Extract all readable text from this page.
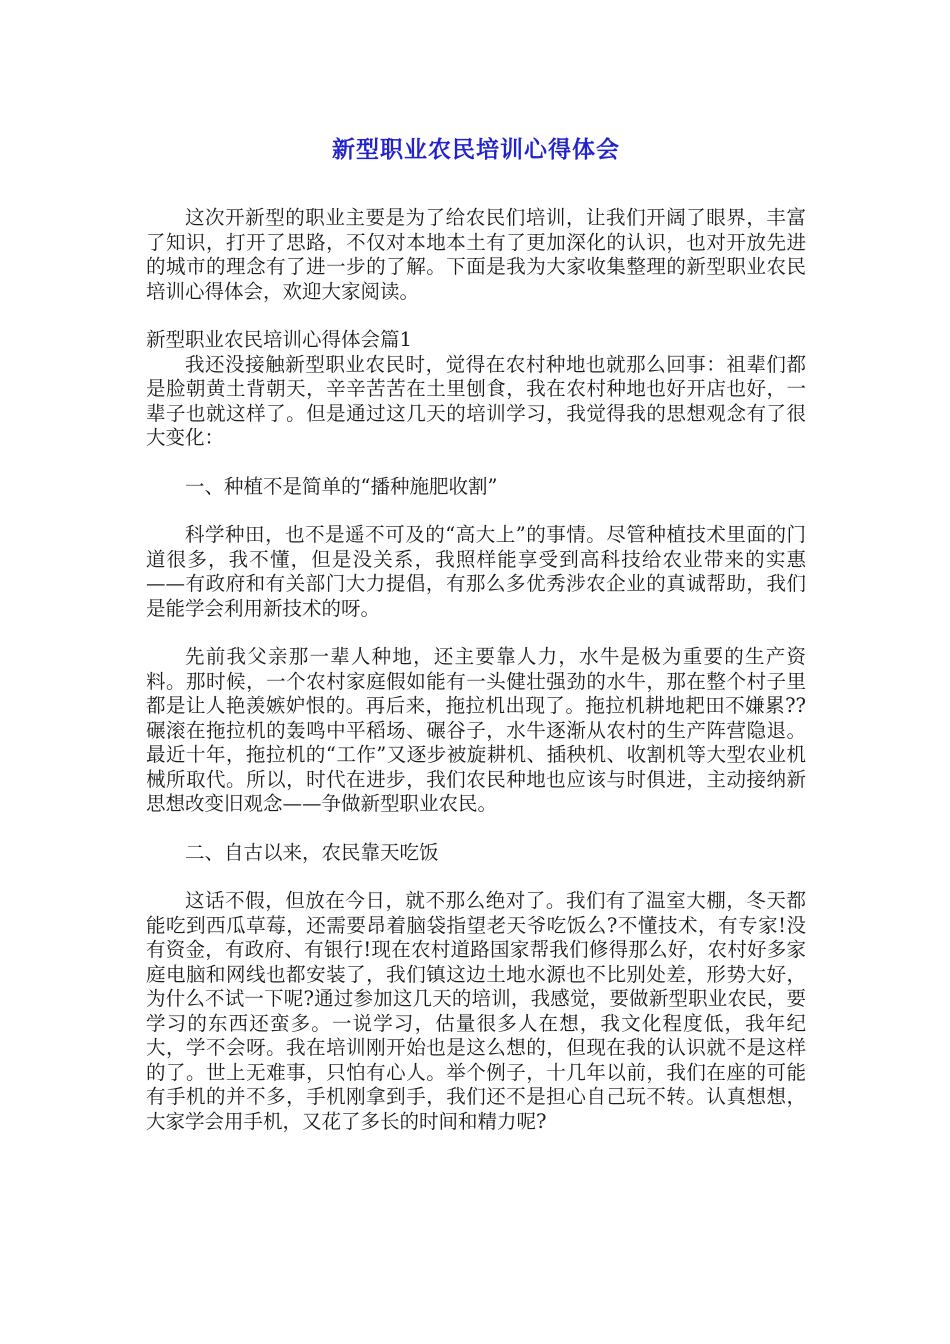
新型职业农民培训心得体会

这次开新型的职业主要是为了给农民们培训，让我们开阔了眼界，丰富了知识，打开了思路，不仅对本地本土有了更加深化的认识，也对开放先进的城市的理念有了进一步的了解。下面是我为大家收集整理的新型职业农民培训心得体会，欢迎大家阅读。

新型职业农民培训心得体会篇1

我还没接触新型职业农民时，觉得在农村种地也就那么回事：祖辈们都是脸朝黄土背朝天，辛辛苦苦在土里刨食，我在农村种地也好开店也好，一辈子也就这样了。但是通过这几天的培训学习，我觉得我的思想观念有了很大变化：

一、种植不是简单的“播种施肥收割”

科学种田，也不是遥不可及的“高大上”的事情。尽管种植技术里面的门道很多，我不懂，但是没关系，我照样能享受到高科技给农业带来的实惠——有政府和有关部门大力提倡，有那么多优秀涉农企业的真诚帮助，我们是能学会利用新技术的呀。

先前我父亲那一辈人种地，还主要靠人力，水牛是极为重要的生产资料。那时候，一个农村家庭假如能有一头健壮强劲的水牛，那在整个村子里都是让人艳羡嫉妒恨的。再后来，拖拉机出现了。拖拉机耕地耙田不嫌累??碾滚在拖拉机的轰鸣中平稻场、碾谷子，水牛逐渐从农村的生产阵营隐退。最近十年，拖拉机的“工作”又逐步被旋耕机、插秧机、收割机等大型农业机械所取代。所以，时代在进步，我们农民种地也应该与时俱进，主动接纳新思想改变旧观念——争做新型职业农民。

二、自古以来，农民靠天吃饭

这话不假，但放在今日，就不那么绝对了。我们有了温室大棚，冬天都能吃到西瓜草莓，还需要昂着脑袋指望老天爷吃饭么?不懂技术，有专家!没有资金，有政府、有银行!现在农村道路国家帮我们修得那么好，农村好多家庭电脑和网线也都安装了，我们镇这边土地水源也不比别处差，形势大好，为什么不试一下呢?通过参加这几天的培训，我感觉，要做新型职业农民，要学习的东西还蛮多。一说学习，估量很多人在想，我文化程度低，我年纪大，学不会呀。我在培训刚开始也是这么想的，但现在我的认识就不是这样的了。世上无难事，只怕有心人。举个例子，十几年以前，我们在座的可能有手机的并不多，手机刚拿到手，我们还不是担心自己玩不转。认真想想，大家学会用手机，又花了多长的时间和精力呢?
